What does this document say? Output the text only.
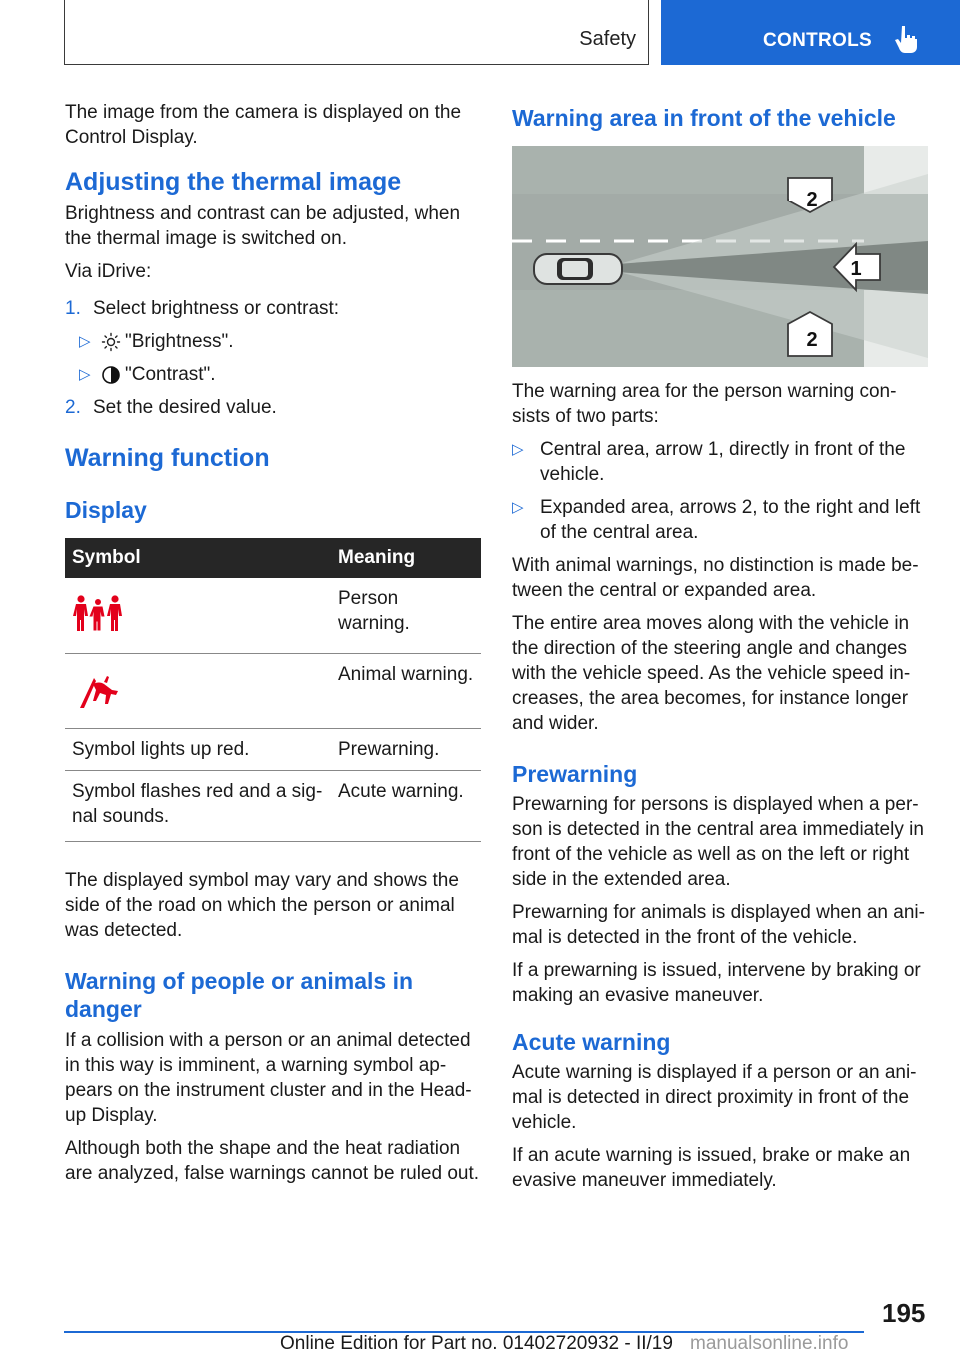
Safety	CONTROLS

The image from the camera is displayed on the Control Display.

Adjusting the thermal image

Brightness and contrast can be adjusted, when the thermal image is switched on.

Via iDrive:

1. Select brightness or contrast:
▷ "Brightness".
▷ "Contrast".
2. Set the desired value.
Warning function
Display
Symbol	Meaning
	Person warning.
	Animal warning.
Symbol lights up red.	Prewarning.
Symbol flashes red and a sig-nal sounds.	Acute warning.

The displayed symbol may vary and shows the side of the road on which the person or animal was detected.

Warning of people or animals in danger

If a collision with a person or an animal detected in this way is imminent, a warning symbol ap-pears on the instrument cluster and in the Head-up Display.

Although both the shape and the heat radiation are analyzed, false warnings cannot be ruled out.

Warning area in front of the vehicle
2
1
2

The warning area for the person warning con-sists of two parts:

▷ Central area, arrow 1, directly in front of the vehicle.
▷ Expanded area, arrows 2, to the right and left of the central area.

With animal warnings, no distinction is made be-tween the central or expanded area.

The entire area moves along with the vehicle in the direction of the steering angle and changes with the vehicle speed. As the vehicle speed in-creases, the area becomes, for instance longer and wider.

Prewarning

Prewarning for persons is displayed when a per-son is detected in the central area immediately in front of the vehicle as well as on the left or right side in the extended area.

Prewarning for animals is displayed when an ani-mal is detected in the front of the vehicle.

If a prewarning is issued, intervene by braking or making an evasive maneuver.

Acute warning

Acute warning is displayed if a person or an ani-mal is detected in direct proximity in front of the vehicle.

If an acute warning is issued, brake or make an evasive maneuver immediately.

195
Online Edition for Part no. 01402720932 - II/19 manualsonline.info
